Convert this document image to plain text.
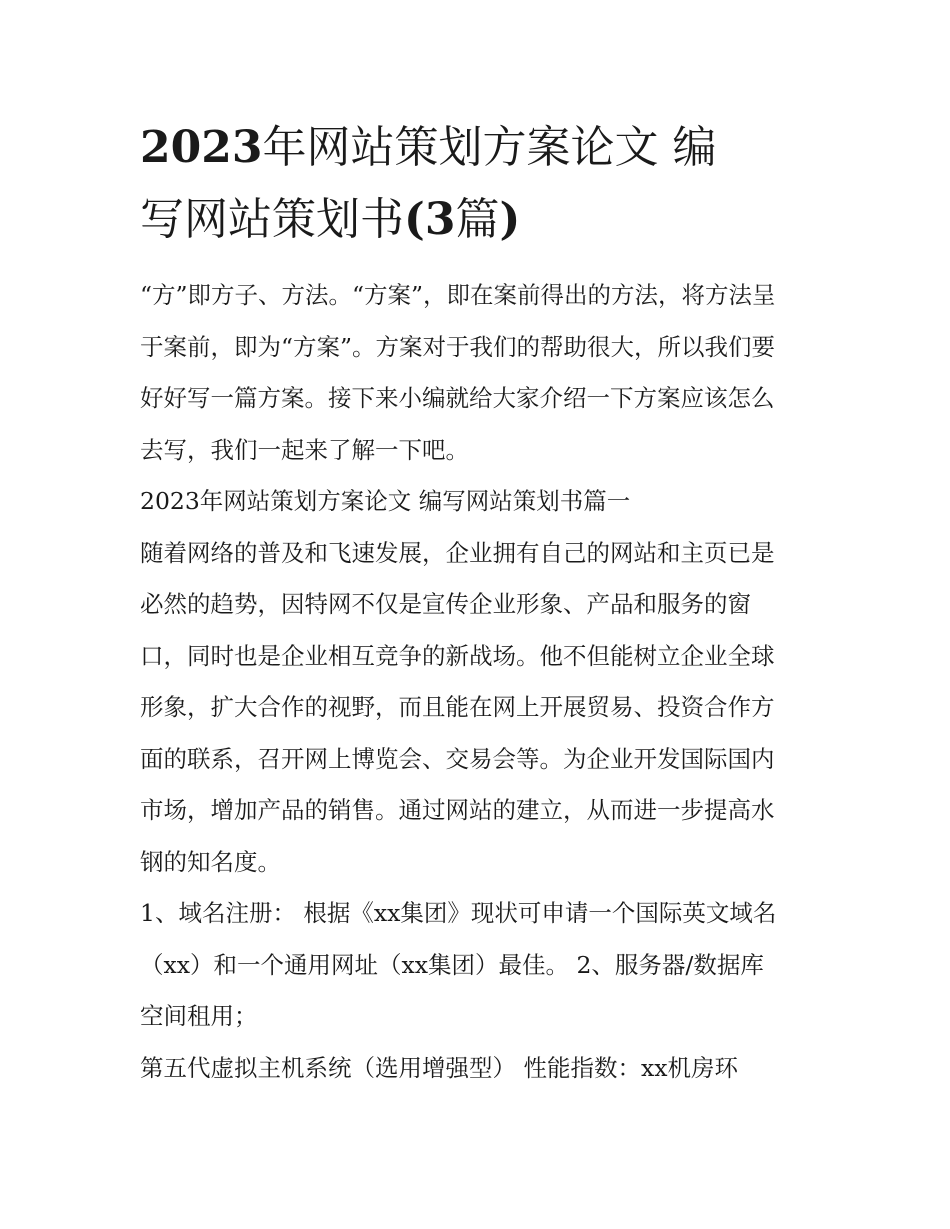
2023年网站策划方案论文 编
写网站策划书(3篇)

“方”即方子、方法。“方案”，即在案前得出的方法，将方法呈
于案前，即为“方案”。方案对于我们的帮助很大，所以我们要
好好写一篇方案。接下来小编就给大家介绍一下方案应该怎么
去写，我们一起来了解一下吧。

2023年网站策划方案论文 编写网站策划书篇一

随着网络的普及和飞速发展，企业拥有自己的网站和主页已是
必然的趋势，因特网不仅是宣传企业形象、产品和服务的窗
口，同时也是企业相互竞争的新战场。他不但能树立企业全球
形象，扩大合作的视野，而且能在网上开展贸易、投资合作方
面的联系，召开网上博览会、交易会等。为企业开发国际国内
市场，增加产品的销售。通过网站的建立，从而进一步提高水
钢的知名度。

1、域名注册： 根据《xx集团》现状可申请一个国际英文域名
（xx）和一个通用网址（xx集团）最佳。 2、服务器/数据库
空间租用；

第五代虚拟主机系统（选用增强型） 性能指数：xx机房环
